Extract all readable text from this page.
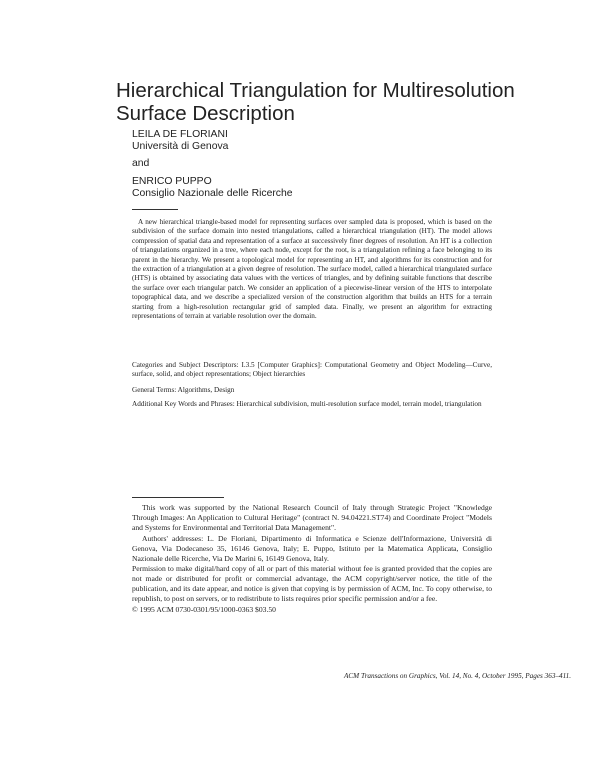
Hierarchical Triangulation for Multiresolution Surface Description
LEILA DE FLORIANI
Università di Genova
and
ENRICO PUPPO
Consiglio Nazionale delle Ricerche

A new hierarchical triangle-based model for representing surfaces over sampled data is proposed, which is based on the subdivision of the surface domain into nested triangulations, called a hierarchical triangulation (HT). The model allows compression of spatial data and representation of a surface at successively finer degrees of resolution. An HT is a collection of triangulations organized in a tree, where each node, except for the root, is a triangulation refining a face belonging to its parent in the hierarchy. We present a topological model for representing an HT, and algorithms for its construction and for the extraction of a triangulation at a given degree of resolution. The surface model, called a hierarchical triangulated surface (HTS) is obtained by associating data values with the vertices of triangles, and by defining suitable functions that describe the surface over each triangular patch. We consider an application of a piecewise-linear version of the HTS to interpolate topographical data, and we describe a specialized version of the construction algorithm that builds an HTS for a terrain starting from a high-resolution rectangular grid of sampled data. Finally, we present an algorithm for extracting representations of terrain at variable resolution over the domain.

Categories and Subject Descriptors: I.3.5 [Computer Graphics]: Computational Geometry and Object Modeling—Curve, surface, solid, and object representations; Object hierarchies

General Terms: Algorithms, Design

Additional Key Words and Phrases: Hierarchical subdivision, multi-resolution surface model, terrain model, triangulation

This work was supported by the National Research Council of Italy through Strategic Project "Knowledge Through Images: An Application to Cultural Heritage" (contract N. 94.04221.ST74) and Coordinate Project "Models and Systems for Environmental and Territorial Data Management".

Authors' addresses: L. De Floriani, Dipartimento di Informatica e Scienze dell'Informazione, Università di Genova, Via Dodecaneso 35, 16146 Genova, Italy; E. Puppo, Istituto per la Matematica Applicata, Consiglio Nazionale delle Ricerche, Via De Marini 6, 16149 Genova, Italy.

Permission to make digital/hard copy of all or part of this material without fee is granted provided that the copies are not made or distributed for profit or commercial advantage, the ACM copyright/server notice, the title of the publication, and its date appear, and notice is given that copying is by permission of ACM, Inc. To copy otherwise, to republish, to post on servers, or to redistribute to lists requires prior specific permission and/or a fee.

© 1995 ACM 0730-0301/95/1000-0363 $03.50

ACM Transactions on Graphics, Vol. 14, No. 4, October 1995, Pages 363–411.
